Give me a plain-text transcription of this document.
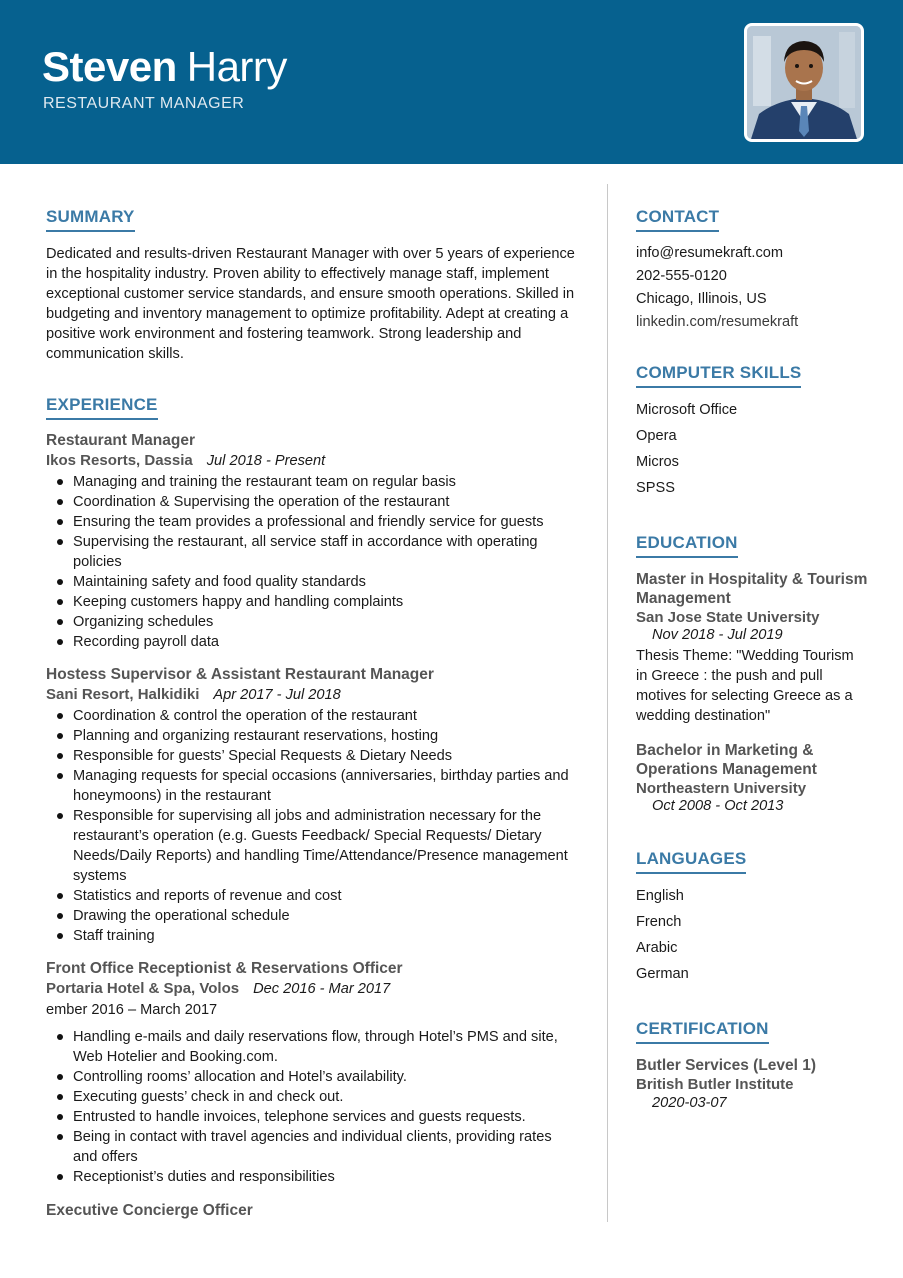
Steven Harry
RESTAURANT MANAGER
SUMMARY

Dedicated and results-driven Restaurant Manager with over 5 years of experience in the hospitality industry. Proven ability to effectively manage staff, implement exceptional customer service standards, and ensure smooth operations. Skilled in budgeting and inventory management to optimize profitability. Adept at creating a positive work environment and fostering teamwork. Strong leadership and communication skills.

EXPERIENCE
Restaurant Manager
Ikos Resorts, Dassia Jul 2018 - Present
Managing and training the restaurant team on regular basis
Coordination & Supervising the operation of the restaurant
Ensuring the team provides a professional and friendly service for guests
Supervising the restaurant, all service staff in accordance with operating policies
Maintaining safety and food quality standards
Keeping customers happy and handling complaints
Organizing schedules
Recording payroll data
Hostess Supervisor & Assistant Restaurant Manager
Sani Resort, Halkidiki Apr 2017 - Jul 2018
Coordination & control the operation of the restaurant
Planning and organizing restaurant reservations, hosting
Responsible for guests’ Special Requests & Dietary Needs
Managing requests for special occasions (anniversaries, birthday parties and honeymoons) in the restaurant
Responsible for supervising all jobs and administration necessary for the restaurant’s operation (e.g. Guests Feedback/ Special Requests/ Dietary Needs/Daily Reports) and handling Time/Attendance/Presence management systems
Statistics and reports of revenue and cost
Drawing the operational schedule
Staff training
Front Office Receptionist & Reservations Officer
Portaria Hotel & Spa, Volos Dec 2016 - Mar 2017
ember 2016 – March 2017
Handling e-mails and daily reservations flow, through Hotel’s PMS and site, Web Hotelier and Booking.com.
Controlling rooms’ allocation and Hotel’s availability.
Executing guests’ check in and check out.
Entrusted to handle invoices, telephone services and guests requests.
Being in contact with travel agencies and individual clients, providing rates and offers
Receptionist’s duties and responsibilities
Executive Concierge Officer
CONTACT
info@resumekraft.com
202-555-0120
Chicago, Illinois, US
linkedin.com/resumekraft
COMPUTER SKILLS
Microsoft Office
Opera
Micros
SPSS
EDUCATION
Master in Hospitality & Tourism Management
San Jose State University
Nov 2018 - Jul 2019

Thesis Theme: "Wedding Tourism in Greece : the push and pull motives for selecting Greece as a wedding destination"

Bachelor in Marketing & Operations Management
Northeastern University
Oct 2008 - Oct 2013
LANGUAGES
English
French
Arabic
German
CERTIFICATION
Butler Services (Level 1)
British Butler Institute
2020-03-07
